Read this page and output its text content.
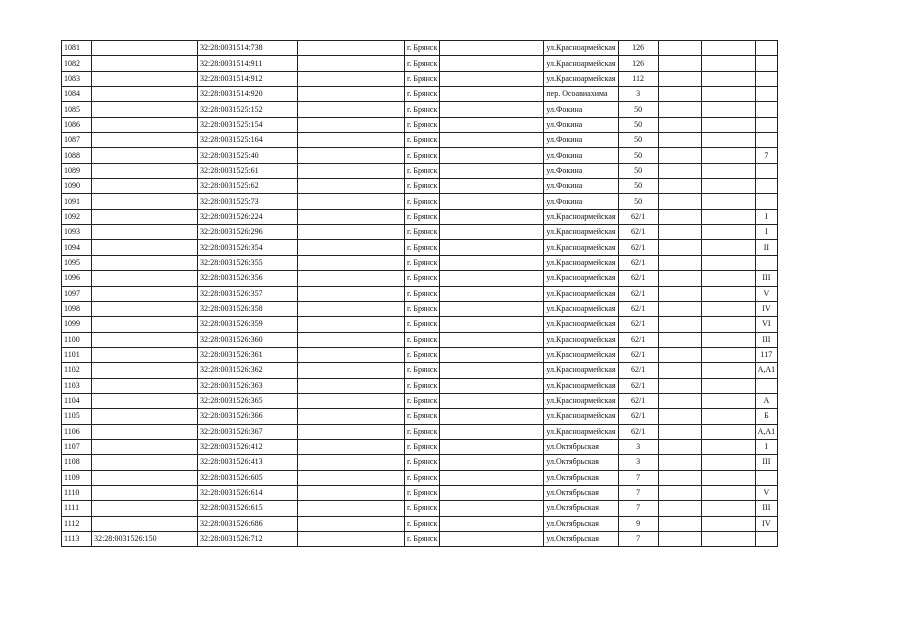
1081		32:28:0031514:738		г. Брянск		ул.Красноармейская	126			
1082		32:28:0031514:911		г. Брянск		ул.Красноармейская	126			
1083		32:28:0031514:912		г. Брянск		ул.Красноармейская	112			
1084		32:28:0031514:920		г. Брянск		пер. Осоавиахима	3			
1085		32:28:0031525:152		г. Брянск		ул.Фокина	50			
1086		32:28:0031525:154		г. Брянск		ул.Фокина	50			
1087		32:28:0031525:164		г. Брянск		ул.Фокина	50			
1088		32:28:0031525:40		г. Брянск		ул.Фокина	50			7
1089		32:28:0031525:61		г. Брянск		ул.Фокина	50			
1090		32:28:0031525:62		г. Брянск		ул.Фокина	50			
1091		32:28:0031525:73		г. Брянск		ул.Фокина	50			
1092		32:28:0031526:224		г. Брянск		ул.Красноармейская	62/1			I
1093		32:28:0031526:296		г. Брянск		ул.Красноармейская	62/1			I
1094		32:28:0031526:354		г. Брянск		ул.Красноармейская	62/1			II
1095		32:28:0031526:355		г. Брянск		ул.Красноармейская	62/1			
1096		32:28:0031526:356		г. Брянск		ул.Красноармейская	62/1			III
1097		32:28:0031526:357		г. Брянск		ул.Красноармейская	62/1			V
1098		32:28:0031526:358		г. Брянск		ул.Красноармейская	62/1			IV
1099		32:28:0031526:359		г. Брянск		ул.Красноармейская	62/1			VI
1100		32:28:0031526:360		г. Брянск		ул.Красноармейская	62/1			III
1101		32:28:0031526:361		г. Брянск		ул.Красноармейская	62/1			117
1102		32:28:0031526:362		г. Брянск		ул.Красноармейская	62/1			А,А1
1103		32:28:0031526:363		г. Брянск		ул.Красноармейская	62/1			
1104		32:28:0031526:365		г. Брянск		ул.Красноармейская	62/1			А
1105		32:28:0031526:366		г. Брянск		ул.Красноармейская	62/1			Б
1106		32:28:0031526:367		г. Брянск		ул.Красноармейская	62/1			А,А1
1107		32:28:0031526:412		г. Брянск		ул.Октябрьская	3			I
1108		32:28:0031526:413		г. Брянск		ул.Октябрьская	3			III
1109		32:28:0031526:605		г. Брянск		ул.Октябрьская	7			
1110		32:28:0031526:614		г. Брянск		ул.Октябрьская	7			V
1111		32:28:0031526:615		г. Брянск		ул.Октябрьская	7			III
1112		32:28:0031526:686		г. Брянск		ул.Октябрьская	9			IV
1113	32:28:0031526:150	32:28:0031526:712		г. Брянск		ул.Октябрьская	7			
